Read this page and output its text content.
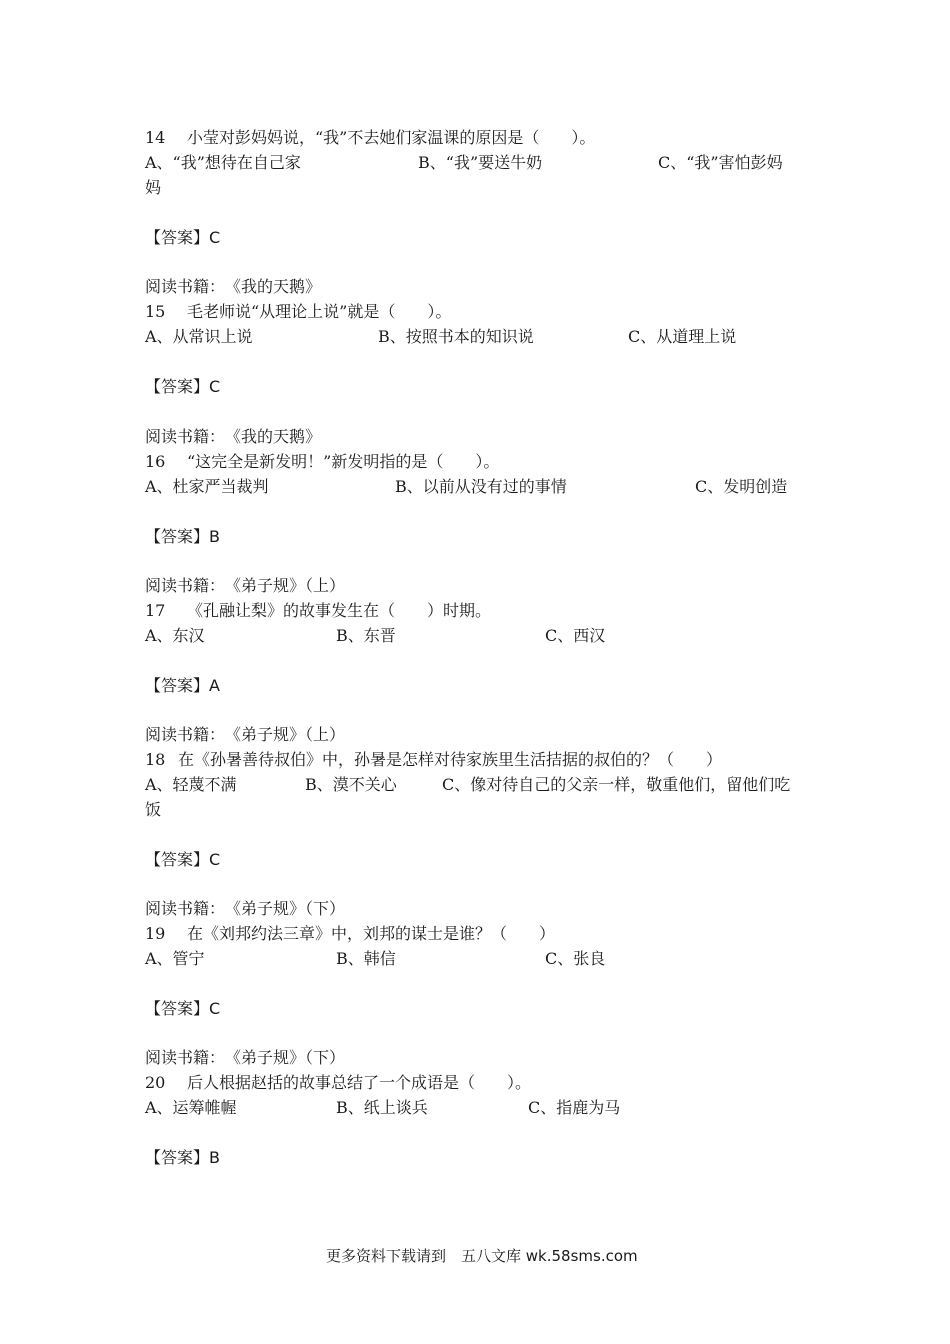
14 小莹对彭妈妈说，“我”不去她们家温课的原因是（　　）。
A、“我”想待在自己家	B、“我”要送牛奶	C、“我”害怕彭妈
妈
【答案】C
阅读书籍：　《我的天鹅》
15 毛老师说“从理论上说”就是（　　）。
A、从常识上说	B、按照书本的知识说	C、从道理上说
【答案】C
阅读书籍：　《我的天鹅》
16 “这完全是新发明！”新发明指的是（　　）。
A、杜家严当裁判	B、以前从没有过的事情	C、发明创造
【答案】B
阅读书籍：　《弟子规》（上）
17 《孔融让梨》的故事发生在（　　）时期。
A、东汉	B、东晋	C、西汉
【答案】A
阅读书籍：　《弟子规》（上）
18 在《孙暑善待叔伯》中，孙暑是怎样对待家族里生活拮据的叔伯的？（　　）
A、轻蔑不满	B、漠不关心	C、像对待自己的父亲一样，敬重他们，留他们吃
饭
【答案】C
阅读书籍：　《弟子规》（下）
19 在《刘邦约法三章》中，刘邦的谋士是谁？（　　）
A、管宁	B、韩信	C、张良
【答案】C
阅读书籍：　《弟子规》（下）
20 后人根据赵括的故事总结了一个成语是（　　）。
A、运筹帷幄	B、纸上谈兵	C、指鹿为马
【答案】B
更多资料下载请到　五八文库 wk.58sms.com
